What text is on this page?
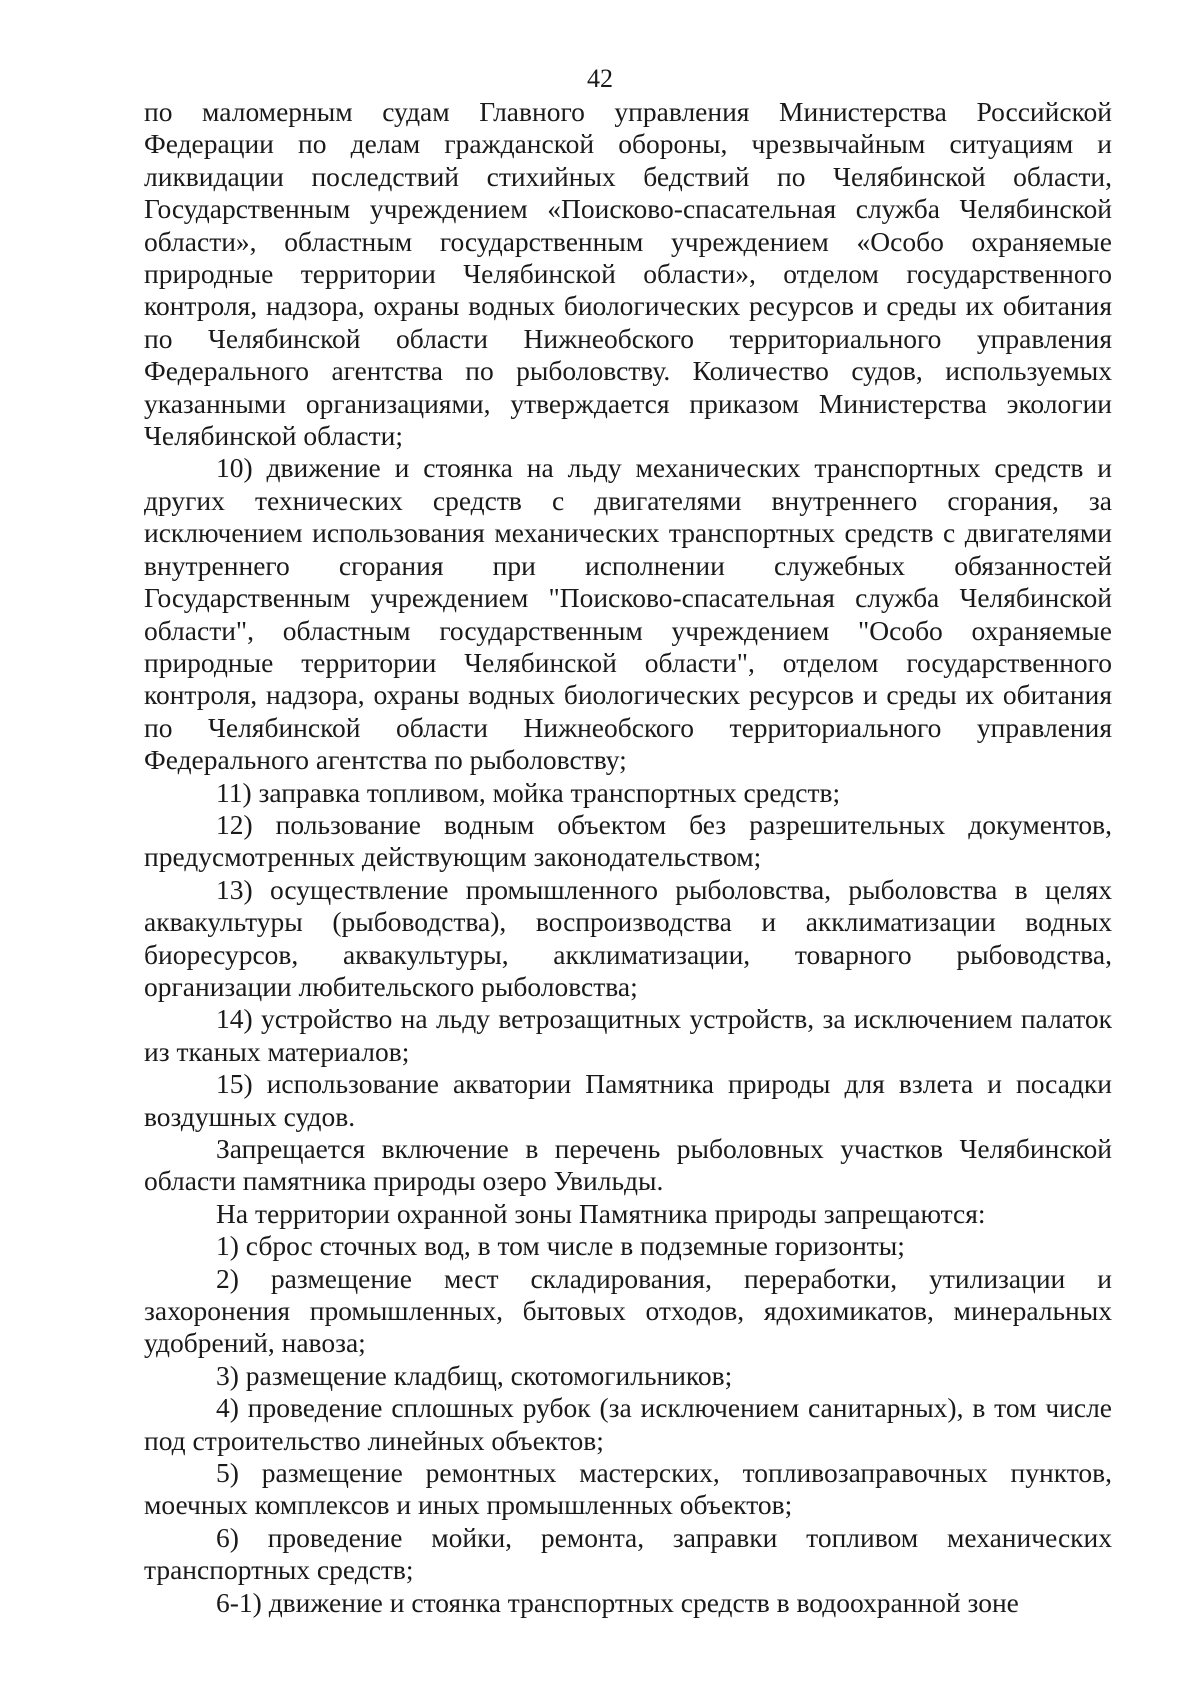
42

по маломерным судам Главного управления Министерства Российской Федерации по делам гражданской обороны, чрезвычайным ситуациям и ликвидации последствий стихийных бедствий по Челябинской области, Государственным учреждением «Поисково-спасательная служба Челябинской области», областным государственным учреждением «Особо охраняемые природные территории Челябинской области», отделом государственного контроля, надзора, охраны водных биологических ресурсов и среды их обитания по Челябинской области Нижнеобского территориального управления Федерального агентства по рыболовству. Количество судов, используемых указанными организациями, утверждается приказом Министерства экологии Челябинской области;

10) движение и стоянка на льду механических транспортных средств и других технических средств с двигателями внутреннего сгорания, за исключением использования механических транспортных средств с двигателями внутреннего сгорания при исполнении служебных обязанностей Государственным учреждением "Поисково-спасательная служба Челябинской области", областным государственным учреждением "Особо охраняемые природные территории Челябинской области", отделом государственного контроля, надзора, охраны водных биологических ресурсов и среды их обитания по Челябинской области Нижнеобского территориального управления Федерального агентства по рыболовству;

11) заправка топливом, мойка транспортных средств;

12) пользование водным объектом без разрешительных документов, предусмотренных действующим законодательством;

13) осуществление промышленного рыболовства, рыболовства в целях аквакультуры (рыбоводства), воспроизводства и акклиматизации водных биоресурсов, аквакультуры, акклиматизации, товарного рыбоводства, организации любительского рыболовства;

14) устройство на льду ветрозащитных устройств, за исключением палаток из тканых материалов;

15) использование акватории Памятника природы для взлета и посадки воздушных судов.

Запрещается включение в перечень рыболовных участков Челябинской области памятника природы озеро Увильды.

На территории охранной зоны Памятника природы запрещаются:

1) сброс сточных вод, в том числе в подземные горизонты;

2) размещение мест складирования, переработки, утилизации и захоронения промышленных, бытовых отходов, ядохимикатов, минеральных удобрений, навоза;

3) размещение кладбищ, скотомогильников;

4) проведение сплошных рубок (за исключением санитарных), в том числе под строительство линейных объектов;

5) размещение ремонтных мастерских, топливозаправочных пунктов, моечных комплексов и иных промышленных объектов;

6) проведение мойки, ремонта, заправки топливом механических транспортных средств;

6-1) движение и стоянка транспортных средств в водоохранной зоне
